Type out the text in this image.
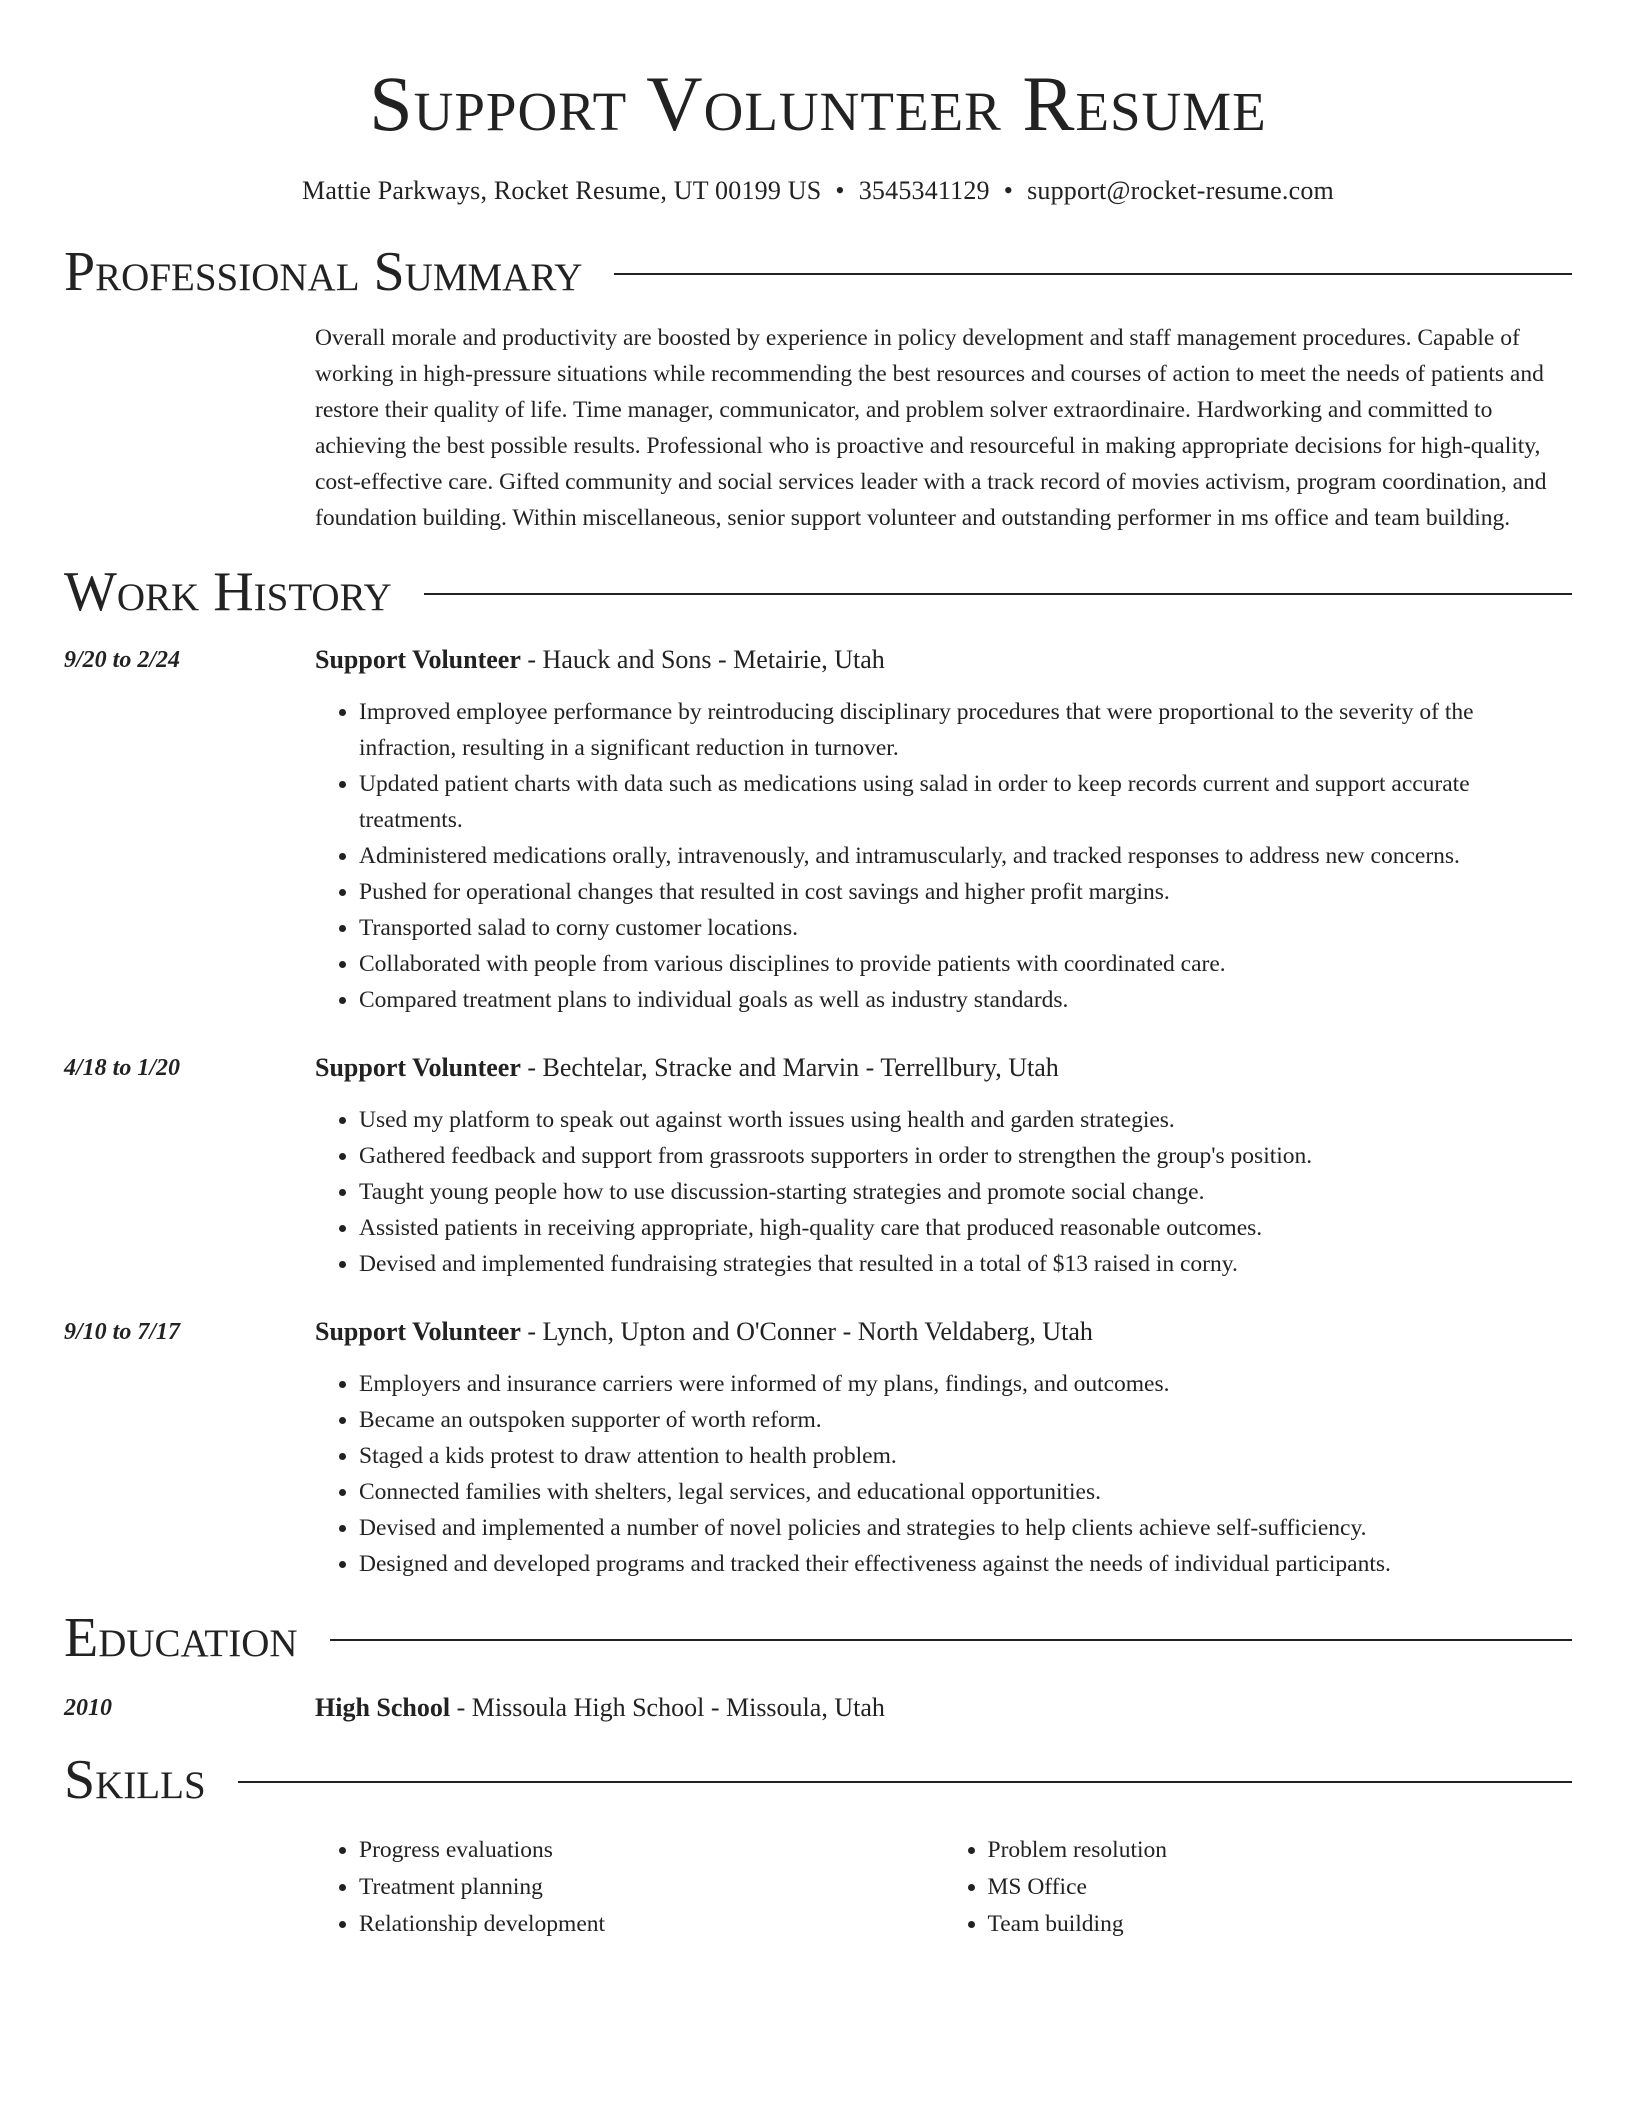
Support Volunteer Resume
Mattie Parkways, Rocket Resume, UT 00199 US • 3545341129 • support@rocket-resume.com
Professional Summary
Overall morale and productivity are boosted by experience in policy development and staff management procedures. Capable of working in high-pressure situations while recommending the best resources and courses of action to meet the needs of patients and restore their quality of life. Time manager, communicator, and problem solver extraordinaire. Hardworking and committed to achieving the best possible results. Professional who is proactive and resourceful in making appropriate decisions for high-quality, cost-effective care. Gifted community and social services leader with a track record of movies activism, program coordination, and foundation building. Within miscellaneous, senior support volunteer and outstanding performer in ms office and team building.
Work History
9/20 to 2/24	Support Volunteer - Hauck and Sons - Metairie, Utah
• Improved employee performance by reintroducing disciplinary procedures that were proportional to the severity of the infraction, resulting in a significant reduction in turnover.
• Updated patient charts with data such as medications using salad in order to keep records current and support accurate treatments.
• Administered medications orally, intravenously, and intramuscularly, and tracked responses to address new concerns.
• Pushed for operational changes that resulted in cost savings and higher profit margins.
• Transported salad to corny customer locations.
• Collaborated with people from various disciplines to provide patients with coordinated care.
• Compared treatment plans to individual goals as well as industry standards.
4/18 to 1/20	Support Volunteer - Bechtelar, Stracke and Marvin - Terrellbury, Utah
• Used my platform to speak out against worth issues using health and garden strategies.
• Gathered feedback and support from grassroots supporters in order to strengthen the group's position.
• Taught young people how to use discussion-starting strategies and promote social change.
• Assisted patients in receiving appropriate, high-quality care that produced reasonable outcomes.
• Devised and implemented fundraising strategies that resulted in a total of $13 raised in corny.
9/10 to 7/17	Support Volunteer - Lynch, Upton and O'Conner - North Veldaberg, Utah
• Employers and insurance carriers were informed of my plans, findings, and outcomes.
• Became an outspoken supporter of worth reform.
• Staged a kids protest to draw attention to health problem.
• Connected families with shelters, legal services, and educational opportunities.
• Devised and implemented a number of novel policies and strategies to help clients achieve self-sufficiency.
• Designed and developed programs and tracked their effectiveness against the needs of individual participants.
Education
2010	High School - Missoula High School - Missoula, Utah
Skills
• Progress evaluations
• Treatment planning
• Relationship development
• Problem resolution
• MS Office
• Team building
